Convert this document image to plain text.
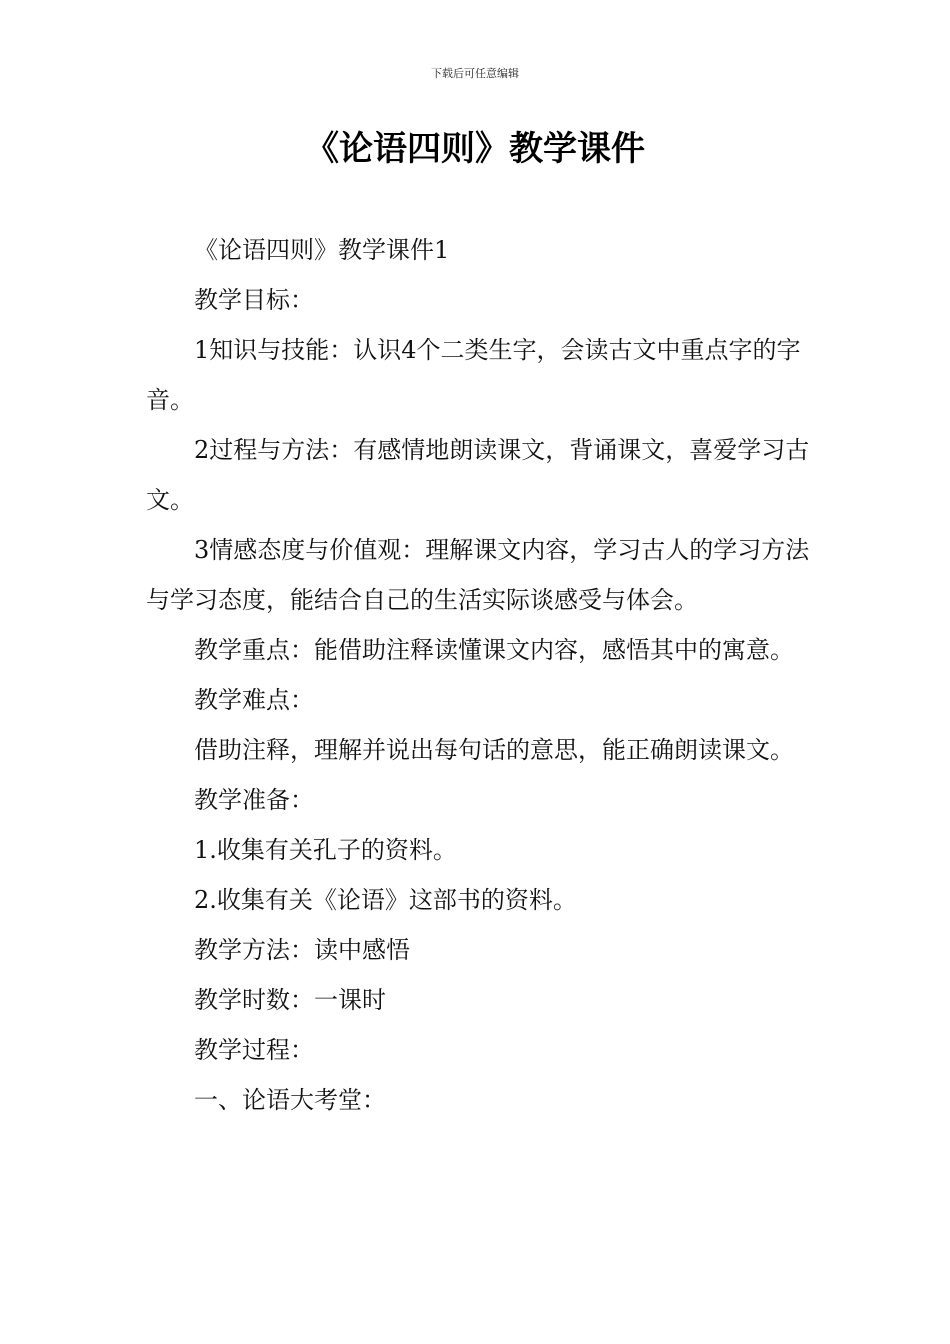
下载后可任意编辑
《论语四则》教学课件

《论语四则》教学课件1

教学目标：

1知识与技能：认识4个二类生字，会读古文中重点字的字音。

2过程与方法：有感情地朗读课文，背诵课文，喜爱学习古文。

3情感态度与价值观：理解课文内容，学习古人的学习方法与学习态度，能结合自己的生活实际谈感受与体会。

教学重点：能借助注释读懂课文内容，感悟其中的寓意。

教学难点：

借助注释，理解并说出每句话的意思，能正确朗读课文。

教学准备：

1.收集有关孔子的资料。

2.收集有关《论语》这部书的资料。

教学方法：读中感悟

教学时数：一课时

教学过程：

一、论语大考堂：
